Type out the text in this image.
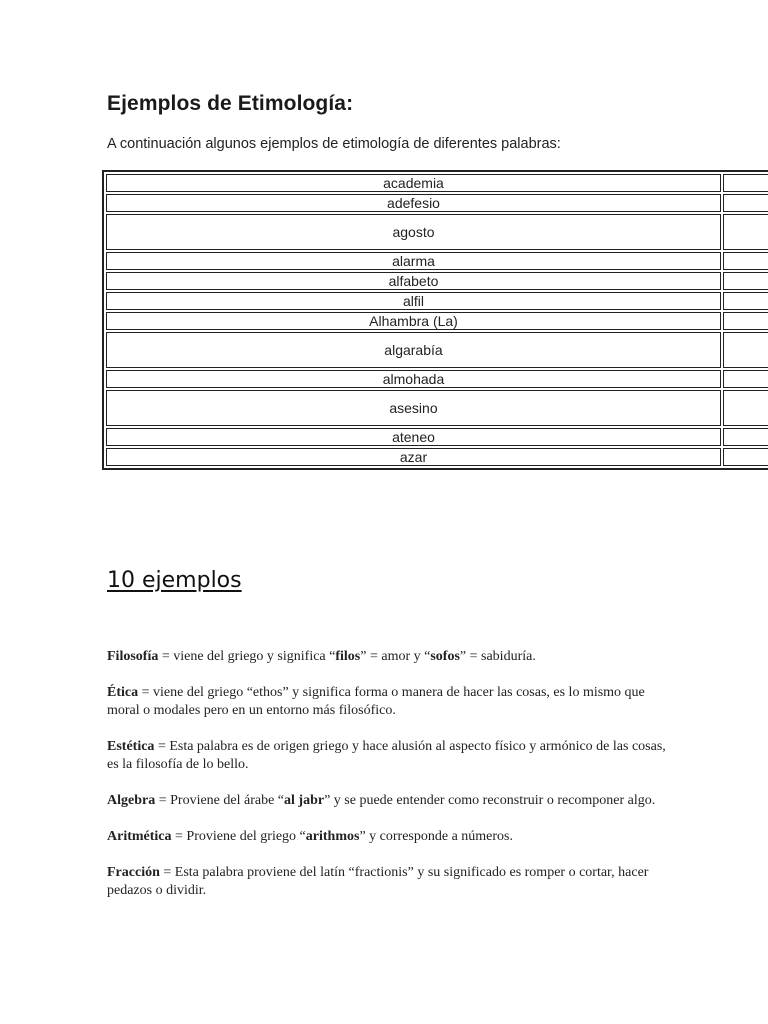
Ejemplos de Etimología:

A continuación algunos ejemplos de etimología de diferentes palabras:

academia	
adefesio	
agosto	
alarma	
alfabeto	
alfil	
Alhambra (La)	
algarabía	
almohada	
asesino	
ateneo	
azar	
10 ejemplos

Filosofía = viene del griego y significa “filos” = amor y “sofos” = sabiduría.

Ética = viene del griego “ethos” y significa forma o manera de hacer las cosas, es lo mismo que moral o modales pero en un entorno más filosófico.

Estética = Esta palabra es de origen griego y hace alusión al aspecto físico y armónico de las cosas, es la filosofía de lo bello.

Algebra = Proviene del árabe “al jabr” y se puede entender como reconstruir o recomponer algo.

Aritmética = Proviene del griego “arithmos” y corresponde a números.

Fracción = Esta palabra proviene del latín “fractionis” y su significado es romper o cortar, hacer pedazos o dividir.
